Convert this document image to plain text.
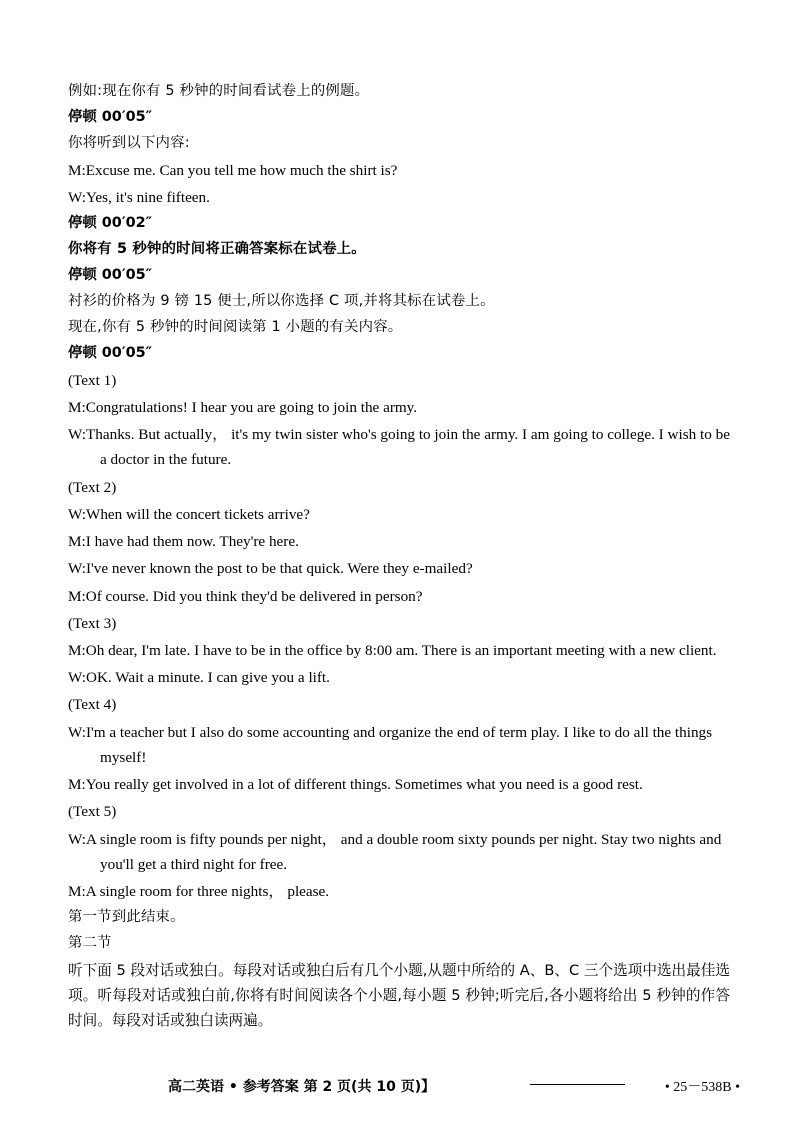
例如:现在你有 5 秒钟的时间看试卷上的例题。
停顿 00′05″
你将听到以下内容:
M:Excuse me. Can you tell me how much the shirt is?
W:Yes, it's nine fifteen.
停顿 00′02″
你将有 5 秒钟的时间将正确答案标在试卷上。
停顿 00′05″
衬衫的价格为 9 镑 15 便士,所以你选择 C 项,并将其标在试卷上。
现在,你有 5 秒钟的时间阅读第 1 小题的有关内容。
停顿 00′05″
(Text 1)
M:Congratulations! I hear you are going to join the army.
W:Thanks. But actually， it's my twin sister who's going to join the army. I am going to college. I wish to be a doctor in the future.
(Text 2)
W:When will the concert tickets arrive?
M:I have had them now. They're here.
W:I've never known the post to be that quick. Were they e-mailed?
M:Of course. Did you think they'd be delivered in person?
(Text 3)
M:Oh dear, I'm late. I have to be in the office by 8:00 am. There is an important meeting with a new client.
W:OK. Wait a minute. I can give you a lift.
(Text 4)
W:I'm a teacher but I also do some accounting and organize the end of term play. I like to do all the things myself!
M:You really get involved in a lot of different things. Sometimes what you need is a good rest.
(Text 5)
W:A single room is fifty pounds per night， and a double room sixty pounds per night. Stay two nights and you'll get a third night for free.
M:A single room for three nights， please.
第一节到此结束。
第二节
听下面 5 段对话或独白。每段对话或独白后有几个小题,从题中所给的 A、B、C 三个选项中选出最佳选项。听每段对话或独白前,你将有时间阅读各个小题,每小题 5 秒钟;听完后,各小题将给出 5 秒钟的作答时间。每段对话或独白读两遍。
高二英语 • 参考答案 第 2 页(共 10 页)】	• 25－538B •
